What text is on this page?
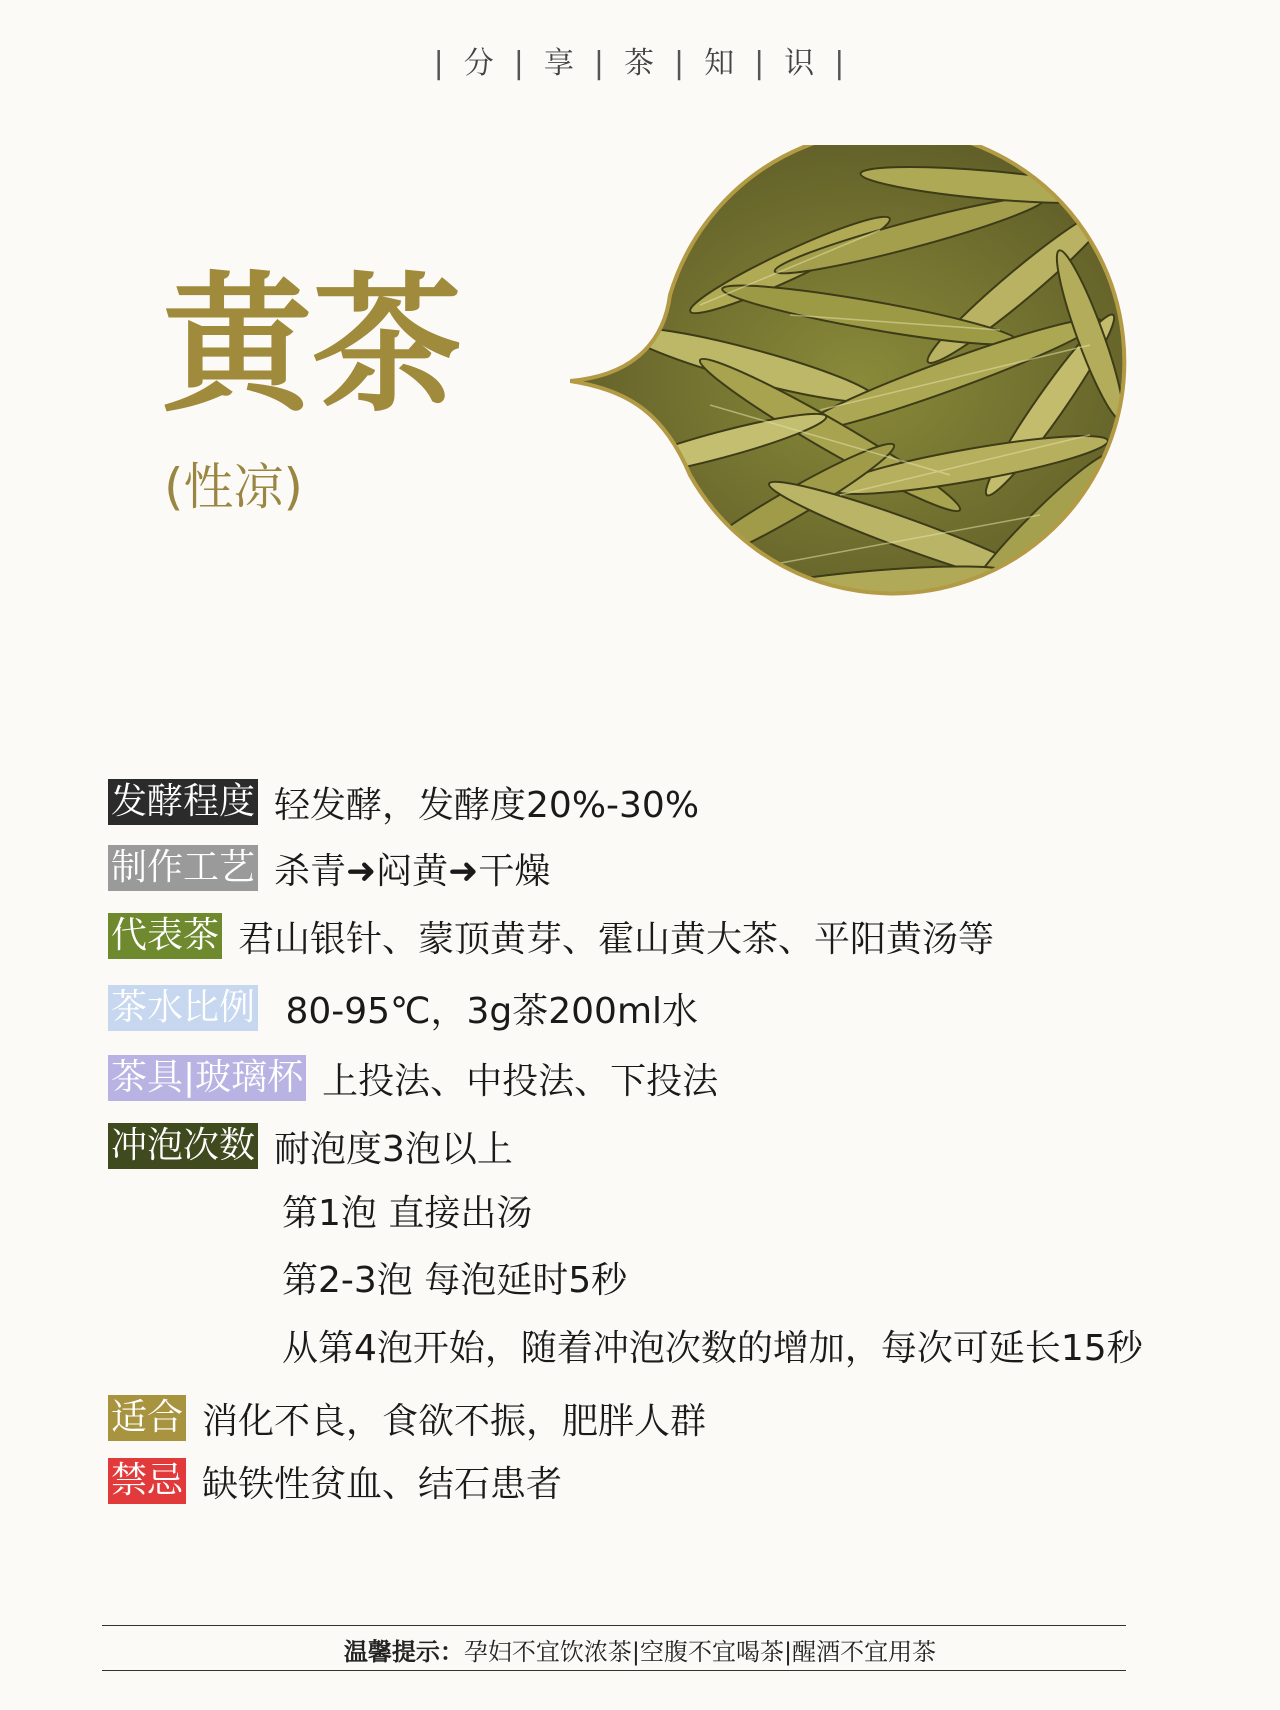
| 分 | 享 | 茶 | 知 | 识 |
黄茶
(性凉)
发酵程度 轻发酵，发酵度20%-30%
制作工艺 杀青➜闷黄➜干燥
代表茶 君山银针、蒙顶黄芽、霍山黄大茶、平阳黄汤等
茶水比例 80-95℃，3g茶200ml水
茶具|玻璃杯 上投法、中投法、下投法
冲泡次数 耐泡度3泡以上
第1泡 直接出汤
第2-3泡 每泡延时5秒
从第4泡开始，随着冲泡次数的增加，每次可延长15秒
适合 消化不良，食欲不振，肥胖人群
禁忌 缺铁性贫血、结石患者
温馨提示：孕妇不宜饮浓茶|空腹不宜喝茶|醒酒不宜用茶
